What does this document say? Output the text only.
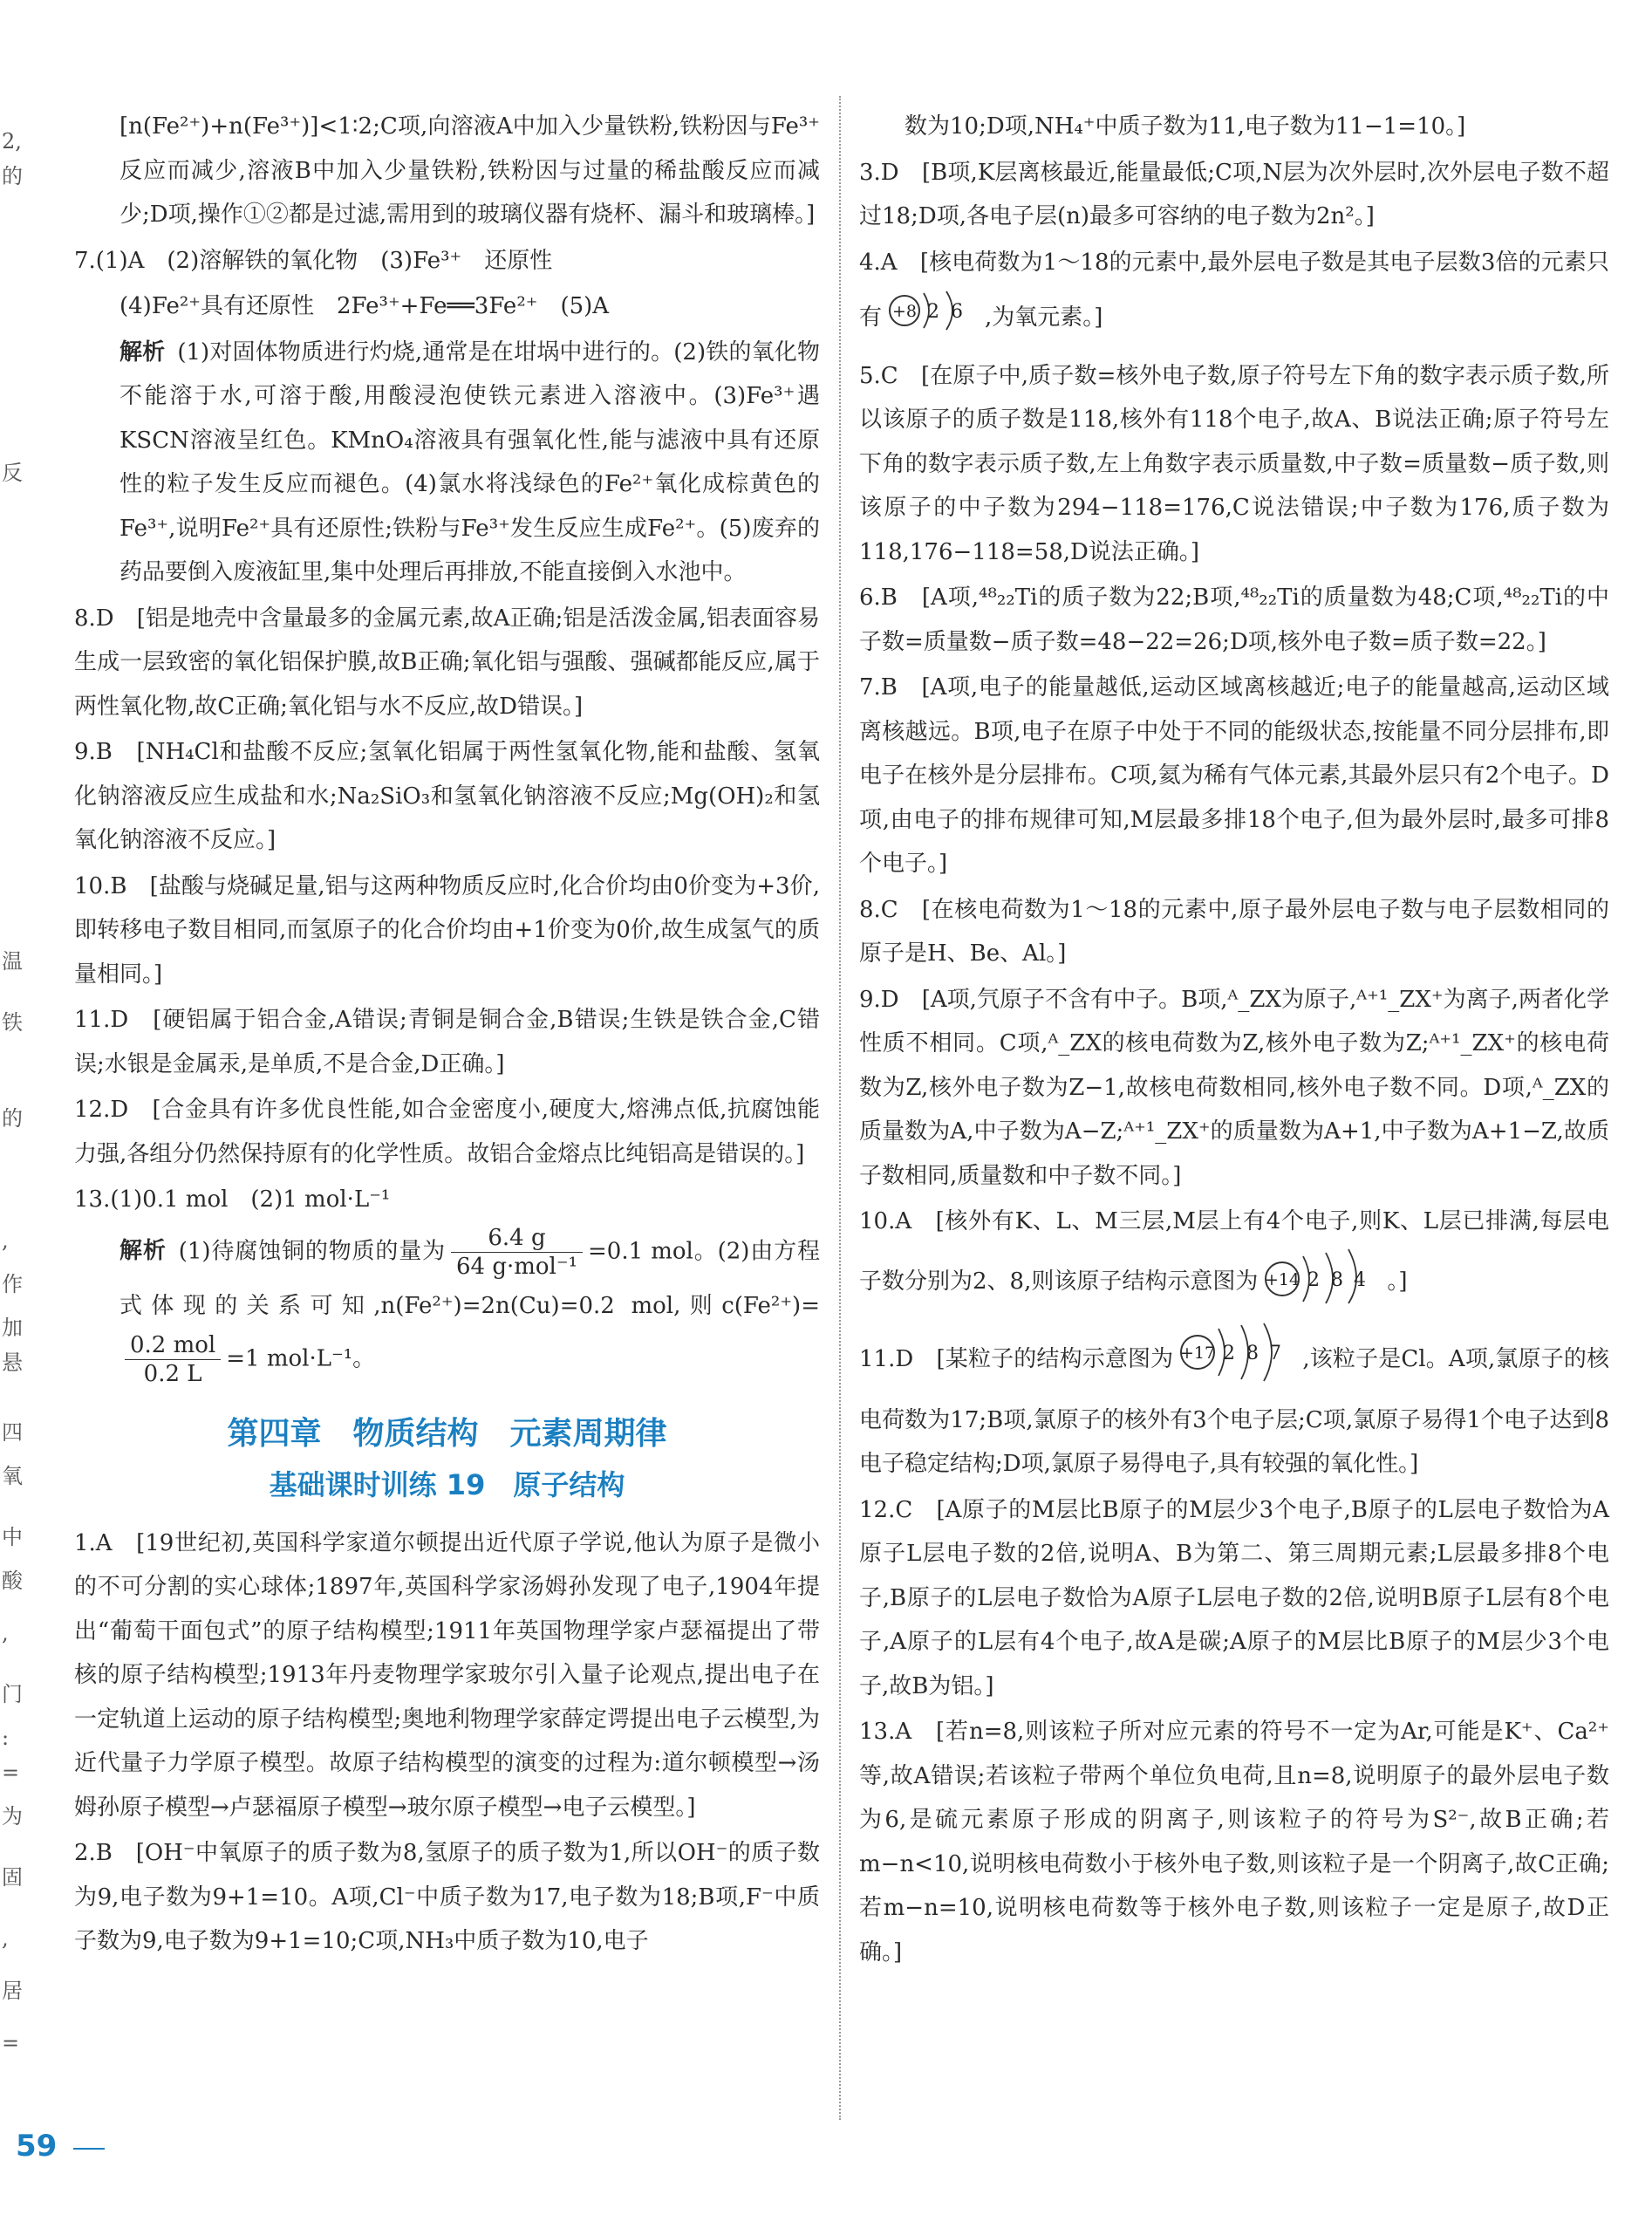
2,
的
反
温
铁
的
,
作
加
悬
四
氧
中
酸
,
=
门
:
为
固
,
居
=

[n(Fe²⁺)+n(Fe³⁺)]<1∶2;C项,向溶液A中加入少量铁粉,铁粉因与Fe³⁺反应而减少,溶液B中加入少量铁粉,铁粉因与过量的稀盐酸反应而减少;D项,操作①②都是过滤,需用到的玻璃仪器有烧杯、漏斗和玻璃棒。]

7.(1)A　(2)溶解铁的氧化物　(3)Fe³⁺　还原性

(4)Fe²⁺具有还原性　2Fe³⁺+Fe══3Fe²⁺　(5)A

解析 (1)对固体物质进行灼烧,通常是在坩埚中进行的。(2)铁的氧化物不能溶于水,可溶于酸,用酸浸泡使铁元素进入溶液中。(3)Fe³⁺遇KSCN溶液呈红色。KMnO₄溶液具有强氧化性,能与滤液中具有还原性的粒子发生反应而褪色。(4)氯水将浅绿色的Fe²⁺氧化成棕黄色的Fe³⁺,说明Fe²⁺具有还原性;铁粉与Fe³⁺发生反应生成Fe²⁺。(5)废弃的药品要倒入废液缸里,集中处理后再排放,不能直接倒入水池中。

8.D　[铝是地壳中含量最多的金属元素,故A正确;铝是活泼金属,铝表面容易生成一层致密的氧化铝保护膜,故B正确;氧化铝与强酸、强碱都能反应,属于两性氧化物,故C正确;氧化铝与水不反应,故D错误。]

9.B　[NH₄Cl和盐酸不反应;氢氧化铝属于两性氢氧化物,能和盐酸、氢氧化钠溶液反应生成盐和水;Na₂SiO₃和氢氧化钠溶液不反应;Mg(OH)₂和氢氧化钠溶液不反应。]

10.B　[盐酸与烧碱足量,铝与这两种物质反应时,化合价均由0价变为+3价,即转移电子数目相同,而氢原子的化合价均由+1价变为0价,故生成氢气的质量相同。]

11.D　[硬铝属于铝合金,A错误;青铜是铜合金,B错误;生铁是铁合金,C错误;水银是金属汞,是单质,不是合金,D正确。]

12.D　[合金具有许多优良性能,如合金密度小,硬度大,熔沸点低,抗腐蚀能力强,各组分仍然保持原有的化学性质。故铝合金熔点比纯铝高是错误的。]

13.(1)0.1 mol　(2)1 mol·L⁻¹

解析 (1)待腐蚀铜的物质的量为 $\frac{6.4 g}{\text{64 g·mol⁻¹}} =0.1$ mol。(2)由方程式体现的关系可知,n(Fe²⁺)=2n(Cu)=0.2 mol,则c(Fe²⁺)=
$\frac{\text{0.2 mol}}{0.2 L} =1$ mol·L⁻¹。

第四章　物质结构　元素周期律
基础课时训练 19　原子结构

1.A　[19世纪初,英国科学家道尔顿提出近代原子学说,他认为原子是微小的不可分割的实心球体;1897年,英国科学家汤姆孙发现了电子,1904年提出“葡萄干面包式”的原子结构模型;1911年英国物理学家卢瑟福提出了带核的原子结构模型;1913年丹麦物理学家玻尔引入量子论观点,提出电子在一定轨道上运动的原子结构模型;奥地利物理学家薛定谔提出电子云模型,为近代量子力学原子模型。故原子结构模型的演变的过程为:道尔顿模型→汤姆孙原子模型→卢瑟福原子模型→玻尔原子模型→电子云模型。]

2.B　[OH⁻中氧原子的质子数为8,氢原子的质子数为1,所以OH⁻的质子数为9,电子数为9+1=10。A项,Cl⁻中质子数为17,电子数为18;B项,F⁻中质子数为9,电子数为9+1=10;C项,NH₃中质子数为10,电子

数为10;D项,NH₄⁺中质子数为11,电子数为11−1=10。]

3.D　[B项,K层离核最近,能量最低;C项,N层为次外层时,次外层电子数不超过18;D项,各电子层(n)最多可容纳的电子数为2n²。]

4.A　[核电荷数为1～18的元素中,最外层电子数是其电子层数3倍的元素只有 +8 2 6 ,为氧元素。]

5.C　[在原子中,质子数=核外电子数,原子符号左下角的数字表示质子数,所以该原子的质子数是118,核外有118个电子,故A、B说法正确;原子符号左下角的数字表示质子数,左上角数字表示质量数,中子数=质量数−质子数,则该原子的中子数为294−118=176,C说法错误;中子数为176,质子数为118,176−118=58,D说法正确。]

6.B　[A项,⁴⁸₂₂Ti的质子数为22;B项,⁴⁸₂₂Ti的质量数为48;C项,⁴⁸₂₂Ti的中子数=质量数−质子数=48−22=26;D项,核外电子数=质子数=22。]

7.B　[A项,电子的能量越低,运动区域离核越近;电子的能量越高,运动区域离核越远。B项,电子在原子中处于不同的能级状态,按能量不同分层排布,即电子在核外是分层排布。C项,氦为稀有气体元素,其最外层只有2个电子。D项,由电子的排布规律可知,M层最多排18个电子,但为最外层时,最多可排8个电子。]

8.C　[在核电荷数为1～18的元素中,原子最外层电子数与电子层数相同的原子是H、Be、Al。]

9.D　[A项,氕原子不含有中子。B项,ᴬ_ZX为原子,ᴬ⁺¹_ZX⁺为离子,两者化学性质不相同。C项,ᴬ_ZX的核电荷数为Z,核外电子数为Z;ᴬ⁺¹_ZX⁺的核电荷数为Z,核外电子数为Z−1,故核电荷数相同,核外电子数不同。D项,ᴬ_ZX的质量数为A,中子数为A−Z;ᴬ⁺¹_ZX⁺的质量数为A+1,中子数为A+1−Z,故质子数相同,质量数和中子数不同。]

10.A　[核外有K、L、M三层,M层上有4个电子,则K、L层已排满,每层电子数分别为2、8,则该原子结构示意图为 +14 2 8 4 。]

11.D　[某粒子的结构示意图为 +17 2 8 7 ,该粒子是Cl。A项,氯原子的核电荷数为17;B项,氯原子的核外有3个电子层;C项,氯原子易得1个电子达到8电子稳定结构;D项,氯原子易得电子,具有较强的氧化性。]

12.C　[A原子的M层比B原子的M层少3个电子,B原子的L层电子数恰为A原子L层电子数的2倍,说明A、B为第二、第三周期元素;L层最多排8个电子,B原子的L层电子数恰为A原子L层电子数的2倍,说明B原子L层有8个电子,A原子的L层有4个电子,故A是碳;A原子的M层比B原子的M层少3个电子,故B为铝。]

13.A　[若n=8,则该粒子所对应元素的符号不一定为Ar,可能是K⁺、Ca²⁺等,故A错误;若该粒子带两个单位负电荷,且n=8,说明原子的最外层电子数为6,是硫元素原子形成的阴离子,则该粒子的符号为S²⁻,故B正确;若m−n<10,说明核电荷数小于核外电子数,则该粒子是一个阴离子,故C正确;若m−n=10,说明核电荷数等于核外电子数,则该粒子一定是原子,故D正确。]

59
